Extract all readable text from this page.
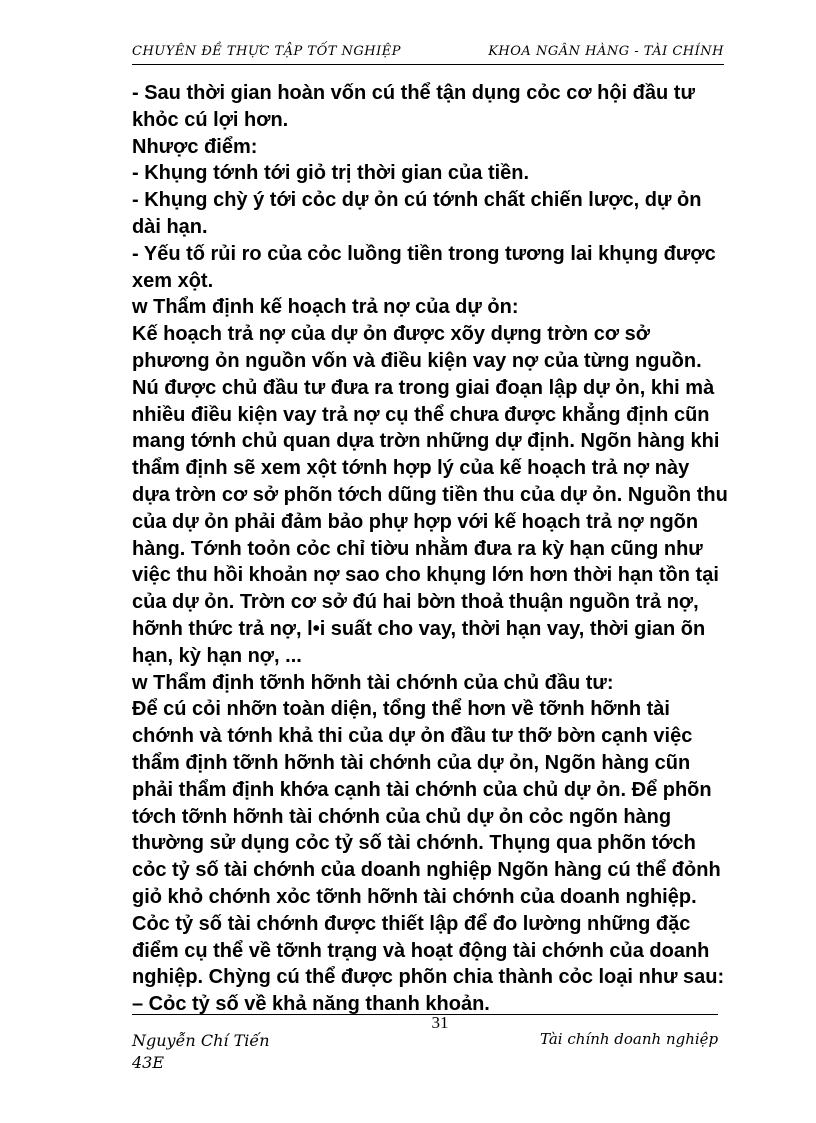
CHUYÊN ĐỀ THỰC TẬP TỐT NGHIỆP	KHOA NGÂN HÀNG - TÀI CHÍNH
- Sau thời gian hoàn vốn cú thể tận dụng cỏc cơ hội đầu tư
khỏc cú lợi hơn.
Nhược điểm:
- Khụng tớnh tới giỏ trị thời gian của tiền.
- Khụng chỳ ý tới cỏc dự ỏn cú tớnh chất chiến lược, dự ỏn
dài hạn.
- Yếu tố rủi ro của cỏc luồng tiền trong tương lai khụng được
xem xột.
w Thẩm định kế hoạch trả nợ của dự ỏn:
Kế hoạch trả nợ của dự ỏn được xõy dựng trờn cơ sở
phương ỏn nguồn vốn và điều kiện vay nợ của từng nguồn.
Nú được chủ đầu tư đưa ra trong giai đoạn lập dự ỏn, khi mà
nhiều điều kiện vay trả nợ cụ thể chưa được khẳng định cũn
mang tớnh chủ quan dựa trờn những dự định. Ngõn hàng khi
thẩm định sẽ xem xột tớnh hợp lý của kế hoạch trả nợ này
dựa trờn cơ sở phõn tớch dũng tiền thu của dự ỏn. Nguồn thu
của dự ỏn phải đảm bảo phự hợp với kế hoạch trả nợ ngõn
hàng. Tớnh toỏn cỏc chỉ tiờu nhằm đưa ra kỳ hạn cũng như
việc thu hồi khoản nợ sao cho khụng lớn hơn thời hạn tồn tại
của dự ỏn. Trờn cơ sở đú hai bờn thoả thuận nguồn trả nợ,
hỡnh thức trả nợ, l•i suất cho vay, thời hạn vay, thời gian õn
hạn, kỳ hạn nợ, ...
w Thẩm định tỡnh hỡnh tài chớnh của chủ đầu tư:
Để cú cỏi nhỡn toàn diện, tổng thể hơn về tỡnh hỡnh tài
chớnh và tớnh khả thi của dự ỏn đầu tư thỡ bờn cạnh việc
thẩm định tỡnh hỡnh tài chớnh của dự ỏn, Ngõn hàng cũn
phải thẩm định khớa cạnh tài chớnh của chủ dự ỏn. Để phõn
tớch tỡnh hỡnh tài chớnh của chủ dự ỏn cỏc ngõn hàng
thường sử dụng cỏc tỷ số tài chớnh. Thụng qua phõn tớch
cỏc tỷ số tài chớnh của doanh nghiệp Ngõn hàng cú thể đỏnh
giỏ khỏ chớnh xỏc tỡnh hỡnh tài chớnh của doanh nghiệp.
Cỏc tỷ số tài chớnh được thiết lập để đo lường những đặc
điểm cụ thể về tỡnh trạng và hoạt động tài chớnh của doanh
nghiệp. Chỳng cú thể được phõn chia thành cỏc loại như sau:
– Cỏc tỷ số về khả năng thanh khoản.
31
Nguyễn Chí Tiến
43E
Tài chính doanh nghiệp
